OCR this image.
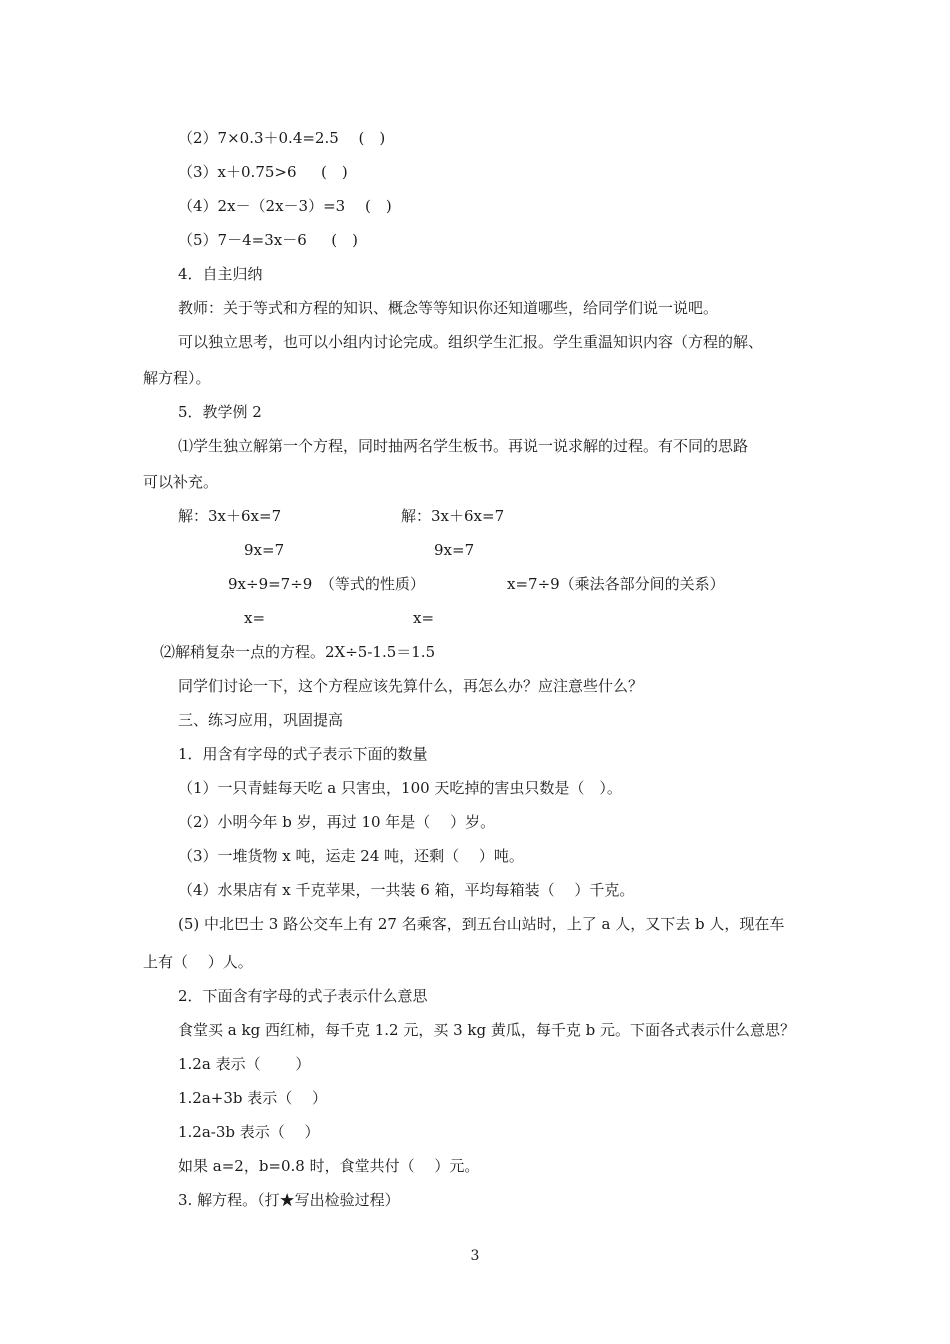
（2）7×0.3＋0.4=2.5　 (　)
（3）x＋0.75>6　  (　)
（4）2x－（2x－3）=3　 (　)
（5）7－4=3x－6　  (　)
4．自主归纳
教师：关于等式和方程的知识、概念等等知识你还知道哪些，给同学们说一说吧。
可以独立思考，也可以小组内讨论完成。组织学生汇报。学生重温知识内容（方程的解、
解方程）。
5．教学例 2
⑴学生独立解第一个方程，同时抽两名学生板书。再说一说求解的过程。有不同的思路
可以补充。
解：3x＋6x=7	解：3x＋6x=7
9x=7	9x=7
9x÷9=7÷9　（等式的性质）	x=7÷9（乘法各部分间的关系）
x=	x=
⑵解稍复杂一点的方程。2X÷5-1.5＝1.5
同学们讨论一下，这个方程应该先算什么，再怎么办？应注意些什么？
三、练习应用，巩固提高
1．用含有字母的式子表示下面的数量
（1）一只青蛙每天吃 a 只害虫，100 天吃掉的害虫只数是（　）。
（2）小明今年 b 岁，再过 10 年是（　 ）岁。
（3）一堆货物 x 吨，运走 24 吨，还剩（　 ）吨。
（4）水果店有 x 千克苹果，一共装 6 箱，平均每箱装（　 ）千克。
(5) 中北巴士 3 路公交车上有 27 名乘客，到五台山站时，上了 a 人，又下去 b 人，现在车
上有（　 ）人。
2．下面含有字母的式子表示什么意思
食堂买 a kg 西红柿，每千克 1.2 元，买 3 kg 黄瓜，每千克 b 元。下面各式表示什么意思？
1.2a 表示（　　 ）
1.2a+3b 表示（　 ）
1.2a-3b 表示（　 ）
如果 a=2，b=0.8 时，食堂共付（　 ）元。
3. 解方程。（打★写出检验过程）
3
